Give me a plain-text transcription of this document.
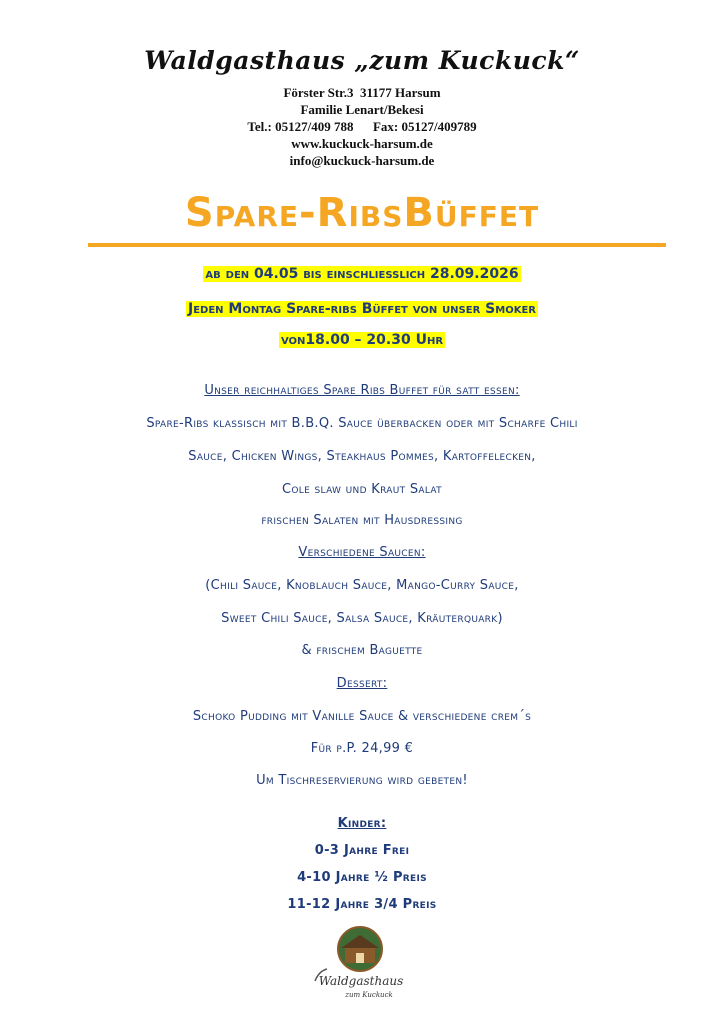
Waldgasthaus „zum Kuckuck“
Förster Str.3  31177 Harsum
Familie Lenart/Bekesi
Tel.: 05127/409 788      Fax: 05127/409789
www.kuckuck-harsum.de
info@kuckuck-harsum.de
Spare-RibsBüffet
ab den 04.05 bis einschliesslich 28.09.2026
Jeden Montag Spare-ribs Büffet von unser Smoker
von18.00 – 20.30 Uhr
Unser reichhaltiges Spare Ribs Buffet für satt essen:
Spare-Ribs klassisch mit B.B.Q. Sauce überbacken oder mit Scharfe Chili
Sauce, Chicken Wings, Steakhaus Pommes, Kartoffelecken,
Cole slaw und Kraut Salat
frischen Salaten mit Hausdressing
Verschiedene Saucen:
(Chili Sauce, Knoblauch Sauce, Mango-Curry Sauce,
Sweet Chili Sauce, Salsa Sauce, Kräuterquark)
& frischem Baguette
Dessert:
Schoko Pudding mit Vanille Sauce & verschiedene crem´s
Für p.P. 24,99 €
Um Tischreservierung wird gebeten!
Kinder:
0-3 Jahre Frei
4-10 Jahre ½ Preis
11-12 Jahre 3/4 Preis
Waldgasthaus
zum Kuckuck
